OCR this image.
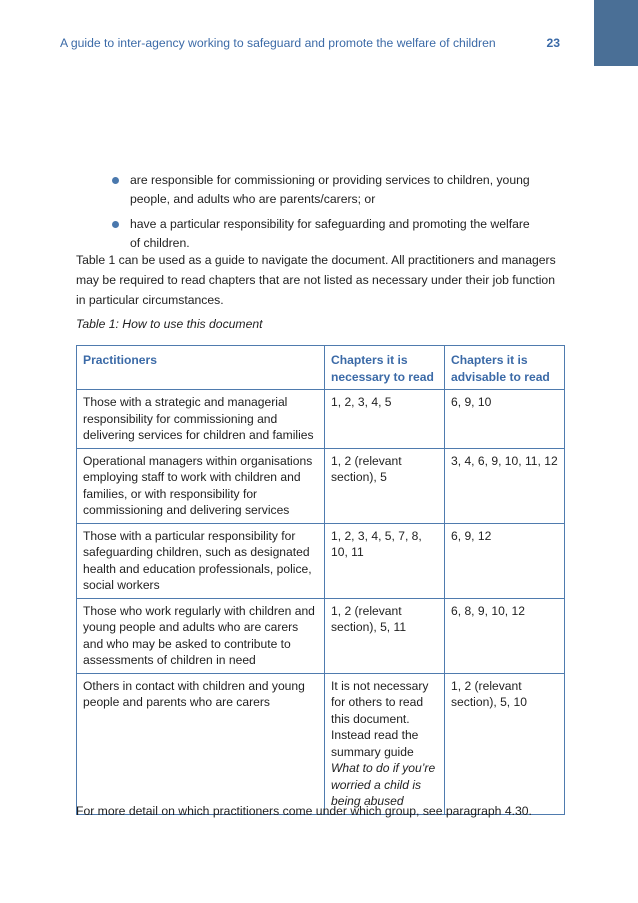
A guide to inter-agency working to safeguard and promote the welfare of children	23
are responsible for commissioning or providing services to children, young people, and adults who are parents/carers; or
have a particular responsibility for safeguarding and promoting the welfare of children.

Table 1 can be used as a guide to navigate the document. All practitioners and managers may be required to read chapters that are not listed as necessary under their job function in particular circumstances.

Table 1: How to use this document

Practitioners	Chapters it is necessary to read	Chapters it is advisable to read
Those with a strategic and managerial responsibility for commissioning and delivering services for children and families	1, 2, 3, 4, 5	6, 9, 10
Operational managers within organisations employing staff to work with children and families, or with responsibility for commissioning and delivering services	1, 2 (relevant section), 5	3, 4, 6, 9, 10, 11, 12
Those with a particular responsibility for safeguarding children, such as designated health and education professionals, police, social workers	1, 2, 3, 4, 5, 7, 8, 10, 11	6, 9, 12
Those who work regularly with children and young people and adults who are carers and who may be asked to contribute to assessments of children in need	1, 2 (relevant section), 5, 11	6, 8, 9, 10, 12
Others in contact with children and young people and parents who are carers	It is not necessary for others to read this document. Instead read the summary guide What to do if you’re worried a child is being abused	1, 2 (relevant section), 5, 10

For more detail on which practitioners come under which group, see paragraph 4.30.
